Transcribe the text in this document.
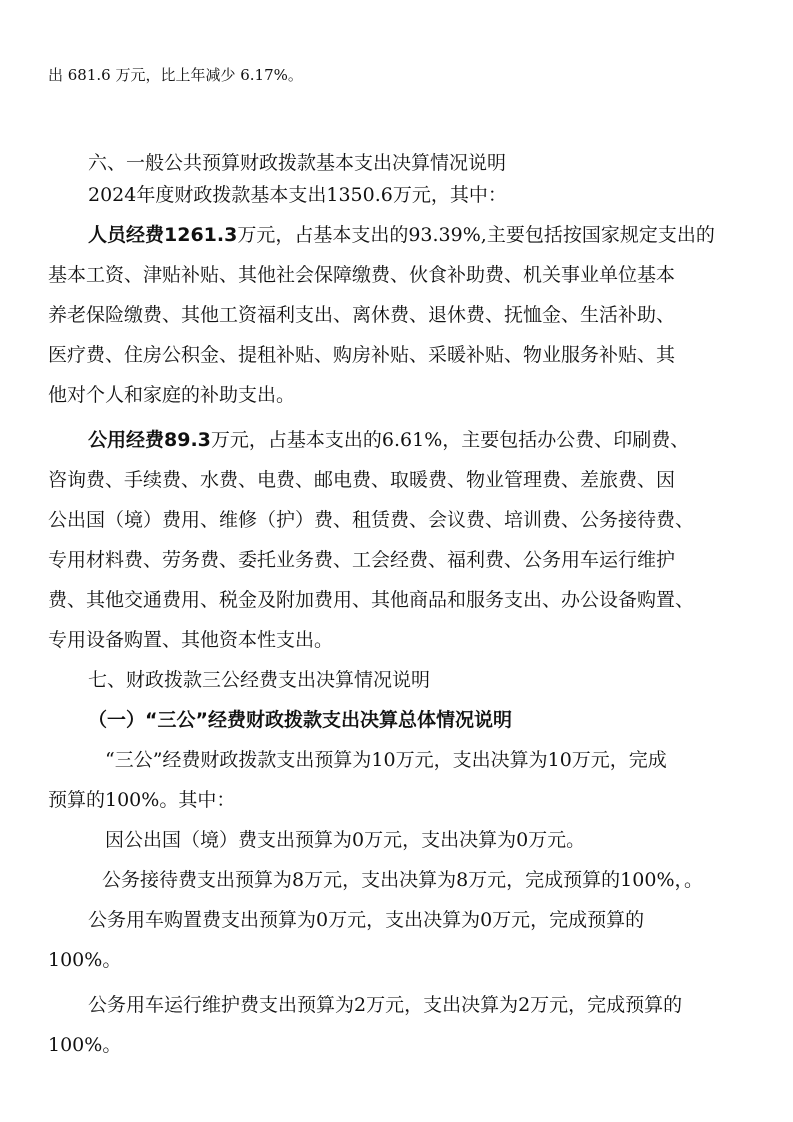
出 681.6 万元，比上年减少 6.17%。
六、一般公共预算财政拨款基本支出决算情况说明
2024年度财政拨款基本支出1350.6万元，其中：
人员经费1261.3万元，占基本支出的93.39%,主要包括按国家规定支出的
基本工资、津贴补贴、其他社会保障缴费、伙食补助费、机关事业单位基本
养老保险缴费、其他工资福利支出、离休费、退休费、抚恤金、生活补助、
医疗费、住房公积金、提租补贴、购房补贴、采暖补贴、物业服务补贴、其
他对个人和家庭的补助支出。
公用经费89.3万元，占基本支出的6.61%，主要包括办公费、印刷费、
咨询费、手续费、水费、电费、邮电费、取暖费、物业管理费、差旅费、因
公出国（境）费用、维修（护）费、租赁费、会议费、培训费、公务接待费、
专用材料费、劳务费、委托业务费、工会经费、福利费、公务用车运行维护
费、其他交通费用、税金及附加费用、其他商品和服务支出、办公设备购置、
专用设备购置、其他资本性支出。
七、财政拨款三公经费支出决算情况说明
（一）“三公”经费财政拨款支出决算总体情况说明
“三公”经费财政拨款支出预算为10万元，支出决算为10万元，完成
预算的100%。其中：
因公出国（境）费支出预算为0万元，支出决算为0万元。
公务接待费支出预算为8万元，支出决算为8万元，完成预算的100%，。
公务用车购置费支出预算为0万元，支出决算为0万元，完成预算的
100%。
公务用车运行维护费支出预算为2万元，支出决算为2万元，完成预算的
100%。
